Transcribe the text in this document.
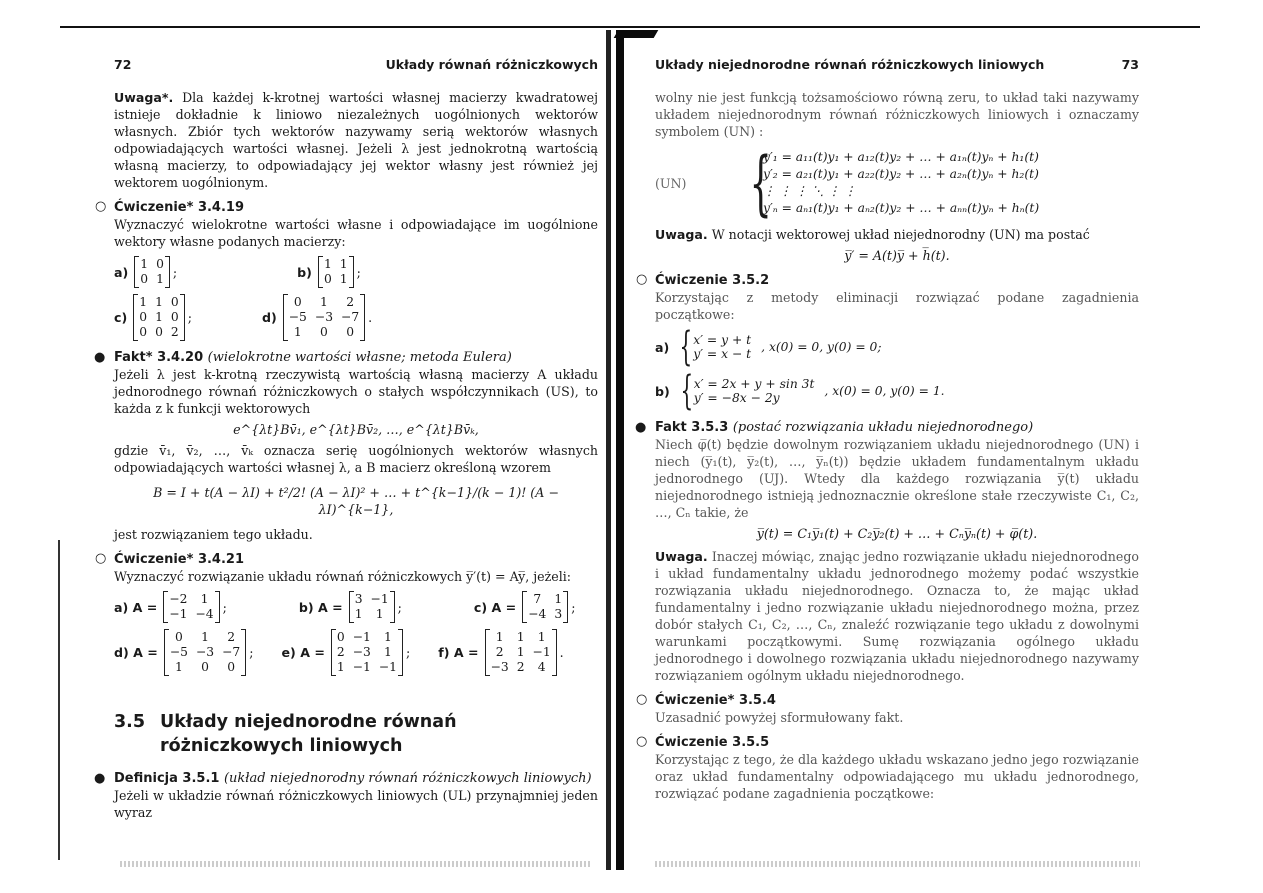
72	Układy równań różniczkowych

Uwaga*. Dla każdej k-krotnej wartości własnej macierzy kwadratowej istnieje dokładnie k liniowo niezależnych uogólnionych wektorów własnych. Zbiór tych wektorów nazywamy serią wektorów własnych odpowiadających wartości własnej. Jeżeli λ jest jednokrotną wartością własną macierzy, to odpowiadający jej wektor własny jest również jej wektorem uogólnionym.

○ Ćwiczenie* 3.4.19

Wyznaczyć wielokrotne wartości własne i odpowiadające im uogólnione wektory własne podanych macierzy:

a)
1 0
0 1 ;	b)
1 1
0 1 ;
c)
1 1 0
0 1 0
0 0 2
;	d)
0	1	2
−5 −3 −7
1	0	0
.
● Fakt* 3.4.20 (wielokrotne wartości własne; metoda Eulera)

Jeżeli λ jest k-krotną rzeczywistą wartością własną macierzy A układu jednorodnego równań różniczkowych o stałych współczynnikach (US), to każda z k funkcji wektorowych

e^{λt}Bv̄₁, e^{λt}Bv̄₂, …, e^{λt}Bv̄ₖ,

gdzie v̄₁, v̄₂, …, v̄ₖ oznacza serię uogólnionych wektorów własnych odpowiadających wartości własnej λ, a B macierz określoną wzorem

B = I + t(A − λI) + t²/2! (A − λI)² + … + t^{k−1}/(k − 1)! (A − λI)^{k−1},

jest rozwiązaniem tego układu.

○ Ćwiczenie* 3.4.21

Wyznaczyć rozwiązanie układu równań różniczkowych y̅′(t) = Ay̅, jeżeli:

a) A =
−2	1
−1 −4 ;	b) A =
3 −1
1	1	;	c) A =
7	1
−4 3 ;
d) A =
0	1	2
−5 −3 −7
1	0	0
; e) A =
0 −1	1
2 −3	1
1 −1 −1
; f) A =
1	1	1
2	1 −1
−3 2	4
.
3.5 Układy niejednorodne równań różniczkowych liniowych
● Definicja 3.5.1 (układ niejednorodny równań różniczkowych liniowych)

Jeżeli w układzie równań różniczkowych liniowych (UL) przynajmniej jeden wyraz

Układy niejednorodne równań różniczkowych liniowych	73

wolny nie jest funkcją tożsamościowo równą zeru, to układ taki nazywamy układem niejednorodnym równań różniczkowych liniowych i oznaczamy symbolem (UN) :

(UN) {
y′₁ = a₁₁(t)y₁ + a₁₂(t)y₂ + … + a₁ₙ(t)yₙ + h₁(t)
y′₂ = a₂₁(t)y₁ + a₂₂(t)y₂ + … + a₂ₙ(t)yₙ + h₂(t)
⋮ ⋮ ⋮ ⋱ ⋮ ⋮
y′ₙ = aₙ₁(t)y₁ + aₙ₂(t)y₂ + … + aₙₙ(t)yₙ + hₙ(t)

Uwaga. W notacji wektorowej układ niejednorodny (UN) ma postać

y̅′ = A(t)y̅ + h̅(t).
○ Ćwiczenie 3.5.2

Korzystając z metody eliminacji rozwiązać podane zagadnienia początkowe:

a) { x′ = y + t
y′ = x − t
, x(0) = 0, y(0) = 0;
b) { x′ = 2x + y + sin 3t
y′ = −8x − 2y
, x(0) = 0, y(0) = 1.
● Fakt 3.5.3 (postać rozwiązania układu niejednorodnego)

Niech φ̅(t) będzie dowolnym rozwiązaniem układu niejednorodnego (UN) i niech (y̅₁(t), y̅₂(t), …, y̅ₙ(t)) będzie układem fundamentalnym układu jednorodnego (UJ). Wtedy dla każdego rozwiązania y̅(t) układu niejednorodnego istnieją jednoznacznie określone stałe rzeczywiste C₁, C₂, …, Cₙ takie, że

y̅(t) = C₁y̅₁(t) + C₂y̅₂(t) + … + Cₙy̅ₙ(t) + φ̅(t).

Uwaga. Inaczej mówiąc, znając jedno rozwiązanie układu niejednorodnego i układ fundamentalny układu jednorodnego możemy podać wszystkie rozwiązania układu niejednorodnego. Oznacza to, że mając układ fundamentalny i jedno rozwiązanie układu niejednorodnego można, przez dobór stałych C₁, C₂, …, Cₙ, znaleźć rozwiązanie tego układu z dowolnymi warunkami początkowymi. Sumę rozwiązania ogólnego układu jednorodnego i dowolnego rozwiązania układu niejednorodnego nazywamy rozwiązaniem ogólnym układu niejednorodnego.

○ Ćwiczenie* 3.5.4

Uzasadnić powyżej sformułowany fakt.

○ Ćwiczenie 3.5.5

Korzystając z tego, że dla każdego układu wskazano jedno jego rozwiązanie oraz układ fundamentalny odpowiadającego mu układu jednorodnego, rozwiązać podane zagadnienia początkowe:
